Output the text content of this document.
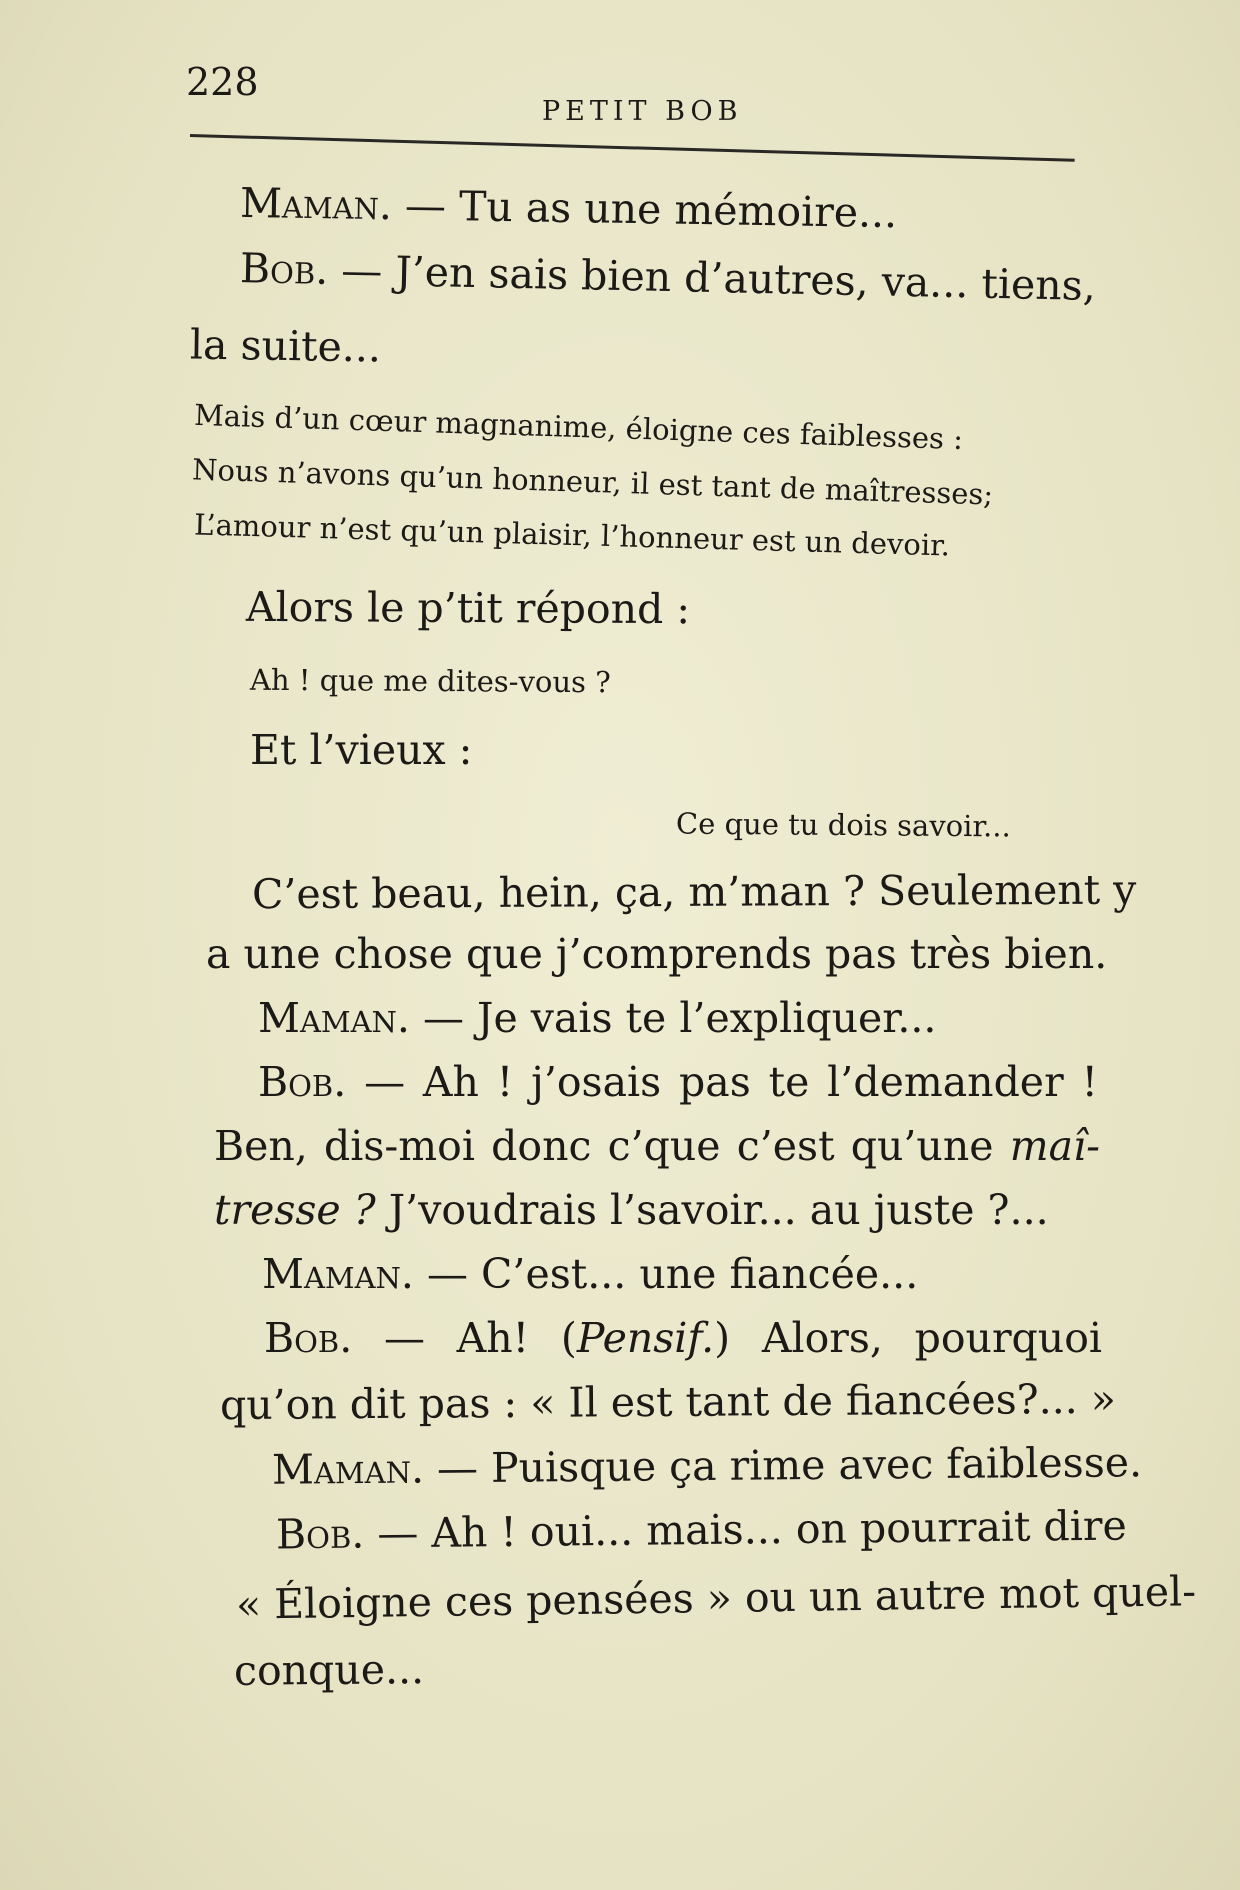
228
PETIT BOB
Maman. — Tu as une mémoire...
Bob. — J’en sais bien d’autres, va... tiens,
la suite...
Mais d’un cœur magnanime, éloigne ces faiblesses :
Nous n’avons qu’un honneur, il est tant de maîtresses;
L’amour n’est qu’un plaisir, l’honneur est un devoir.
Alors le p’tit répond :
Ah ! que me dites-vous ?
Et l’vieux :
Ce que tu dois savoir...
C’est beau, hein, ça, m’man ? Seulement y
a une chose que j’comprends pas très bien.
Maman. — Je vais te l’expliquer...
Bob. — Ah ! j’osais pas te l’demander !
Ben, dis-moi donc c’que c’est qu’une maî-
tresse ? J’voudrais l’savoir... au juste ?...
Maman. — C’est... une fiancée...
Bob. — Ah! (Pensif.) Alors, pourquoi
qu’on dit pas : « Il est tant de fiancées?... »
Maman. — Puisque ça rime avec faiblesse.
Bob. — Ah ! oui... mais... on pourrait dire
« Éloigne ces pensées » ou un autre mot quel-
conque...
